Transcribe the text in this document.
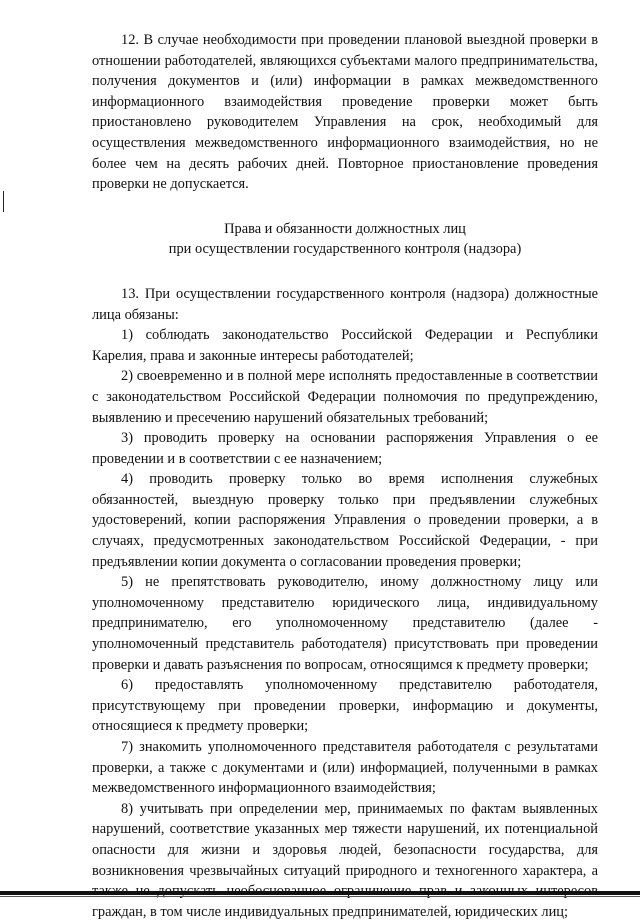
12. В случае необходимости при проведении плановой выездной проверки в отношении работодателей, являющихся субъектами малого предпринимательства, получения документов и (или) информации в рамках межведомственного информационного взаимодействия проведение проверки может быть приостановлено руководителем Управления на срок, необходимый для осуществления межведомственного информационного взаимодействия, но не более чем на десять рабочих дней. Повторное приостановление проведения проверки не допускается.

Права и обязанности должностных лиц

при осуществлении государственного контроля (надзора)

13. При осуществлении государственного контроля (надзора) должностные лица обязаны:

1) соблюдать законодательство Российской Федерации и Республики Карелия, права и законные интересы работодателей;

2) своевременно и в полной мере исполнять предоставленные в соответствии с законодательством Российской Федерации полномочия по предупреждению, выявлению и пресечению нарушений обязательных требований;

3) проводить проверку на основании распоряжения Управления о ее проведении и в соответствии с ее назначением;

4) проводить проверку только во время исполнения служебных обязанностей, выездную проверку только при предъявлении служебных удостоверений, копии распоряжения Управления о проведении проверки, а в случаях, предусмотренных законодательством Российской Федерации, - при предъявлении копии документа о согласовании проведения проверки;

5) не препятствовать руководителю, иному должностному лицу или уполномоченному представителю юридического лица, индивидуальному предпринимателю, его уполномоченному представителю (далее - уполномоченный представитель работодателя) присутствовать при проведении проверки и давать разъяснения по вопросам, относящимся к предмету проверки;

6) предоставлять уполномоченному представителю работодателя, присутствующему при проведении проверки, информацию и документы, относящиеся к предмету проверки;

7) знакомить уполномоченного представителя работодателя с результатами проверки, а также с документами и (или) информацией, полученными в рамках межведомственного информационного взаимодействия;

8) учитывать при определении мер, принимаемых по фактам выявленных нарушений, соответствие указанных мер тяжести нарушений, их потенциальной опасности для жизни и здоровья людей, безопасности государства, для возникновения чрезвычайных ситуаций природного и техногенного характера, а граждан, в том числе индивидуальных предпринимателей, юридических лиц;
